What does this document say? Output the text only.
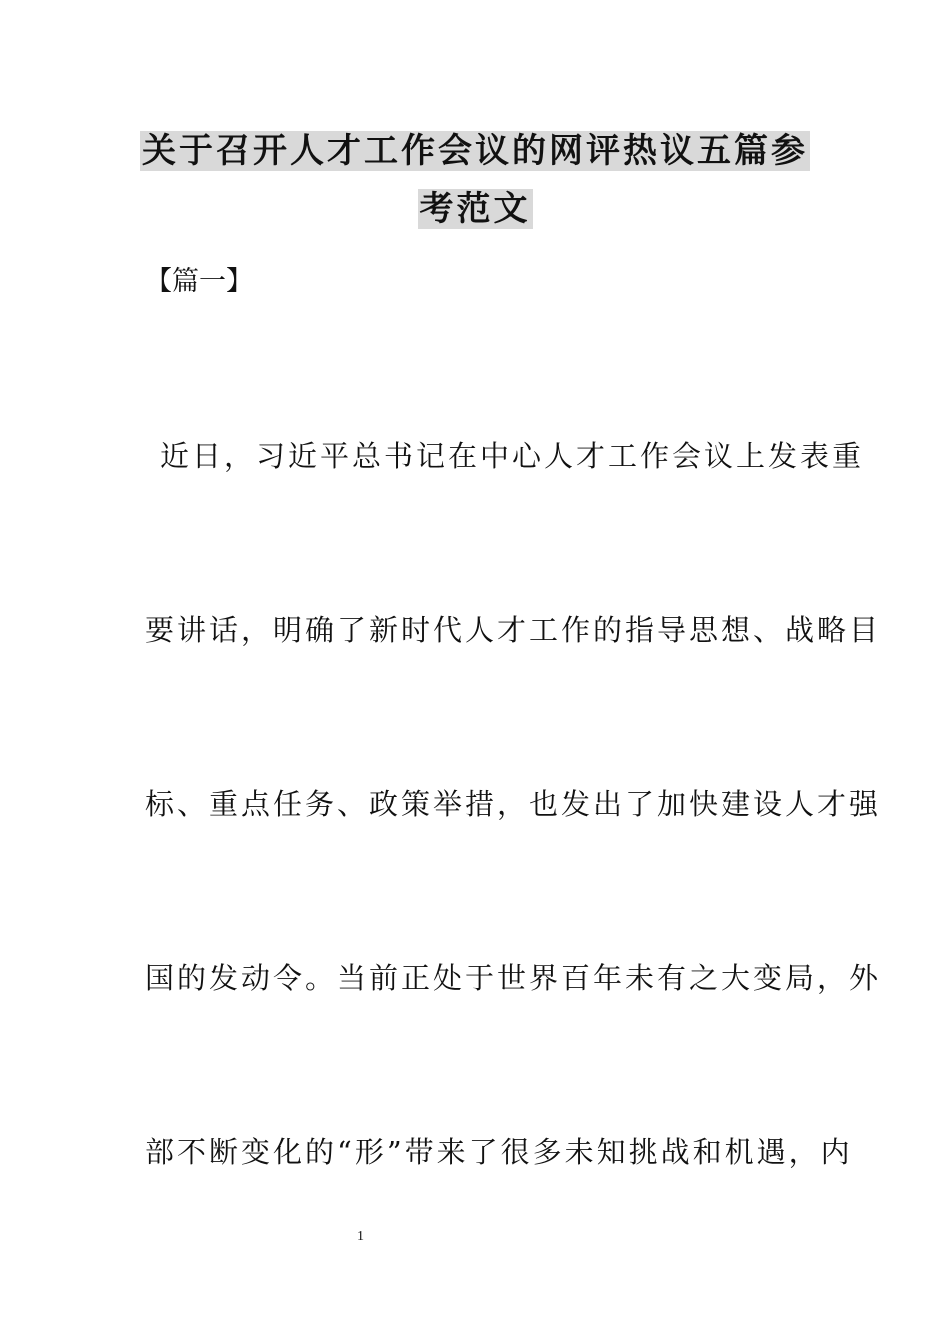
关于召开人才工作会议的网评热议五篇参
考范文
【篇一】
近日，习近平总书记在中心人才工作会议上发表重
要讲话，明确了新时代人才工作的指导思想、战略目
标、重点任务、政策举措，也发出了加快建设人才强
国的发动令。当前正处于世界百年未有之大变局，外
部不断变化的“形”带来了很多未知挑战和机遇，内
1
